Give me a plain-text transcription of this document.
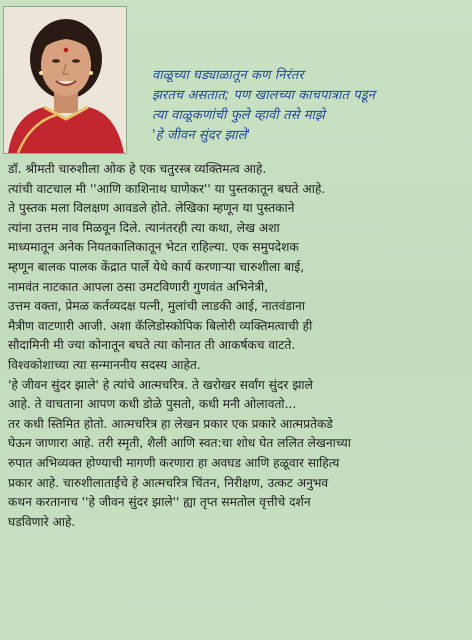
वाळूच्या घड्याळातून कण निरंतर
झरतच असतात; पण खालच्या काचपात्रात पडून
त्या वाळूकणांची फुले व्हावी तसे माझे
'हे जीवन सुंदर झाले'
डॉ. श्रीमती चारुशीला ओक हे एक चतुरस्त्र व्यक्तिमत्व आहे.
त्यांची वाटचाल मी ''आणि काशिनाथ घाणेकर'' या पुस्तकातून बघते आहे.
ते पुस्तक मला विलक्षण आवडले होते. लेखिका म्हणून या पुस्तकाने
त्यांना उत्तम नाव मिळवून दिले. त्यानंतरही त्या कथा, लेख अशा
माध्यमातून अनेक नियतकालिकातून भेटत राहिल्या. एक समुपदेशक
म्हणून बालक पालक केंद्रात पार्ले येथे कार्य करणाऱ्या चारुशीला बाई,
नामवंत नाटकात आपला ठसा उमटविणारी गुणवंत अभिनेत्री,
उत्तम वक्ता, प्रेमळ कर्तव्यदक्ष पत्नी, मुलांची लाडकी आई, नातवंडाना
मैत्रीण वाटणारी आजी. अशा कॅलिडोस्कोपिक बिलोरी व्यक्तिमत्वाची ही
सौदामिनी मी ज्या कोनातून बघते त्या कोनात ती आकर्षकच वाटते.
विश्वकोशाच्या त्या सन्माननीय सदस्य आहेत.
'हे जीवन सुंदर झाले' हे त्यांचे आत्मचरित्र. ते खरोखर सर्वांग सुंदर झाले
आहे. ते वाचताना आपण कधी डोळे पुसतो, कधी मनी ओलावतो...
तर कधी स्तिमित होतो. आत्मचरित्र हा लेखन प्रकार एक प्रकारे आत्मप्रतेकडे
घेऊन जाणारा आहे. तरी स्मृती, शैली आणि स्वत:चा शोध घेत ललित लेखनाच्या
रुपात अभिव्यक्त होण्याची मागणी करणारा हा अवघड आणि हळूवार साहित्य
प्रकार आहे. चारुशीलाताईंचे हे आत्मचरित्र चिंतन, निरीक्षण, उत्कट अनुभव
कथन करतानाच ''हे जीवन सुंदर झाले'' ह्या तृप्त समतोल वृत्तीचे दर्शन
घडविणारे आहे.
